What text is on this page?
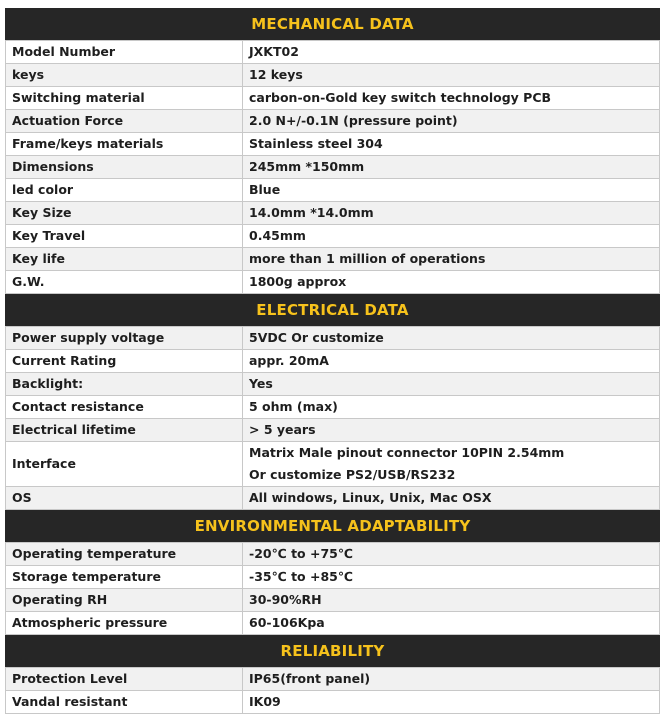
MECHANICAL DATA
Model Number	JXKT02
keys	12 keys
Switching material	carbon-on-Gold key switch technology PCB
Actuation Force	2.0 N+/-0.1N (pressure point)
Frame/keys materials	Stainless steel 304
Dimensions	245mm *150mm
led color	Blue
Key Size	14.0mm *14.0mm
Key Travel	0.45mm
Key life	more than 1 million of operations
G.W.	1800g approx
ELECTRICAL DATA
Power supply voltage	5VDC Or customize
Current Rating	appr. 20mA
Backlight:	Yes
Contact resistance	5 ohm (max)
Electrical lifetime	> 5 years
Interface	Matrix Male pinout connector 10PIN 2.54mm
Or customize PS2/USB/RS232

OS	All windows, Linux, Unix, Mac OSX
ENVIRONMENTAL ADAPTABILITY
Operating temperature	-20℃ to +75℃
Storage temperature	-35℃ to +85℃
Operating RH	30-90%RH
Atmospheric pressure	60-106Kpa
RELIABILITY
Protection Level	IP65(front panel)
Vandal resistant	IK09
